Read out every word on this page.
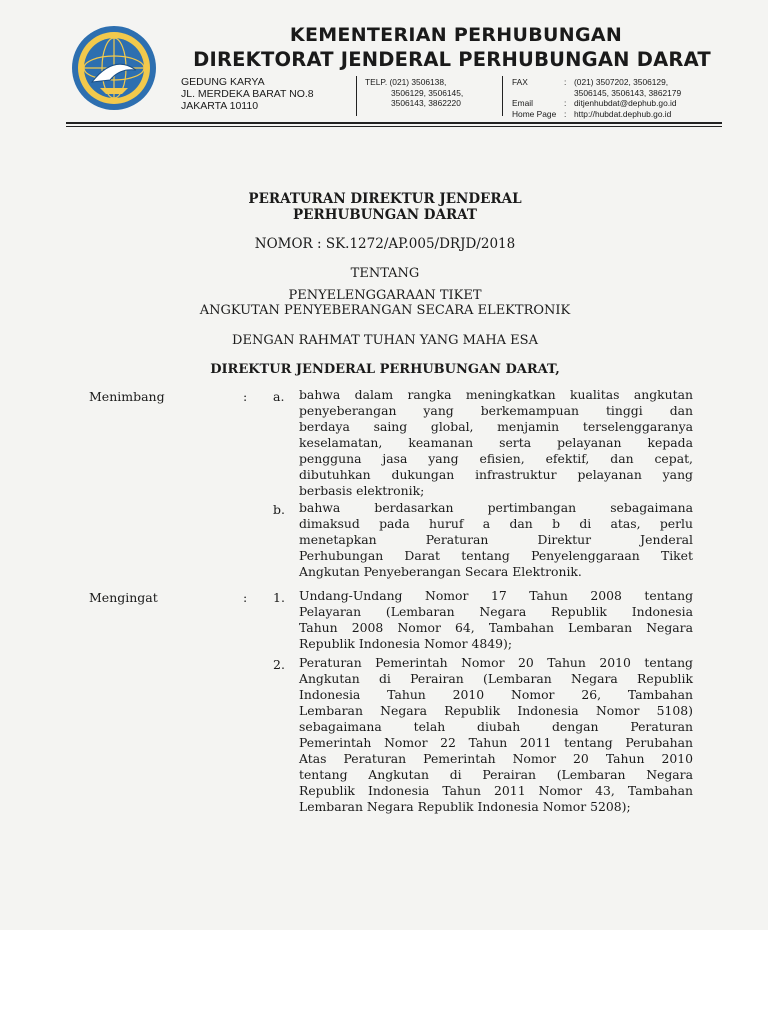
KEMENTERIAN PERHUBUNGAN
DIREKTORAT JENDERAL PERHUBUNGAN DARAT
GEDUNG KARYA
JL. MERDEKA BARAT NO.8
JAKARTA 10110
TELP. (021) 3506138,
3506129, 3506145,
3506143, 3862220
FAX
Email
Home Page
:
:
:
(021) 3507202, 3506129,
3506145, 3506143, 3862179
ditjenhubdat@dephub.go.id
http://hubdat.dephub.go.id
PERATURAN DIREKTUR JENDERAL
PERHUBUNGAN DARAT
NOMOR : SK.1272/AP.005/DRJD/2018
TENTANG
PENYELENGGARAAN TIKET
ANGKUTAN PENYEBERANGAN SECARA ELEKTRONIK
DENGAN RAHMAT TUHAN YANG MAHA ESA
DIREKTUR JENDERAL PERHUBUNGAN DARAT,
Menimbang	: a. bahwa dalam rangka meningkatkan kualitas angkutan
penyeberangan yang berkemampuan tinggi dan
berdaya saing global, menjamin terselenggaranya
keselamatan, keamanan serta pelayanan kepada
pengguna jasa yang efisien, efektif, dan cepat,
dibutuhkan dukungan infrastruktur pelayanan yang
berbasis elektronik;
b. bahwa berdasarkan pertimbangan sebagaimana
dimaksud pada huruf a dan b di atas, perlu
menetapkan Peraturan Direktur Jenderal
Perhubungan Darat tentang Penyelenggaraan Tiket
Angkutan Penyeberangan Secara Elektronik.
Mengingat	: 1. Undang-Undang Nomor 17 Tahun 2008 tentang
Pelayaran (Lembaran Negara Republik Indonesia
Tahun 2008 Nomor 64, Tambahan Lembaran Negara
Republik Indonesia Nomor 4849);
2. Peraturan Pemerintah Nomor 20 Tahun 2010 tentang
Angkutan di Perairan (Lembaran Negara Republik
Indonesia Tahun 2010 Nomor 26, Tambahan
Lembaran Negara Republik Indonesia Nomor 5108)
sebagaimana telah diubah dengan Peraturan
Pemerintah Nomor 22 Tahun 2011 tentang Perubahan
Atas Peraturan Pemerintah Nomor 20 Tahun 2010
tentang Angkutan di Perairan (Lembaran Negara
Republik Indonesia Tahun 2011 Nomor 43, Tambahan
Lembaran Negara Republik Indonesia Nomor 5208);
